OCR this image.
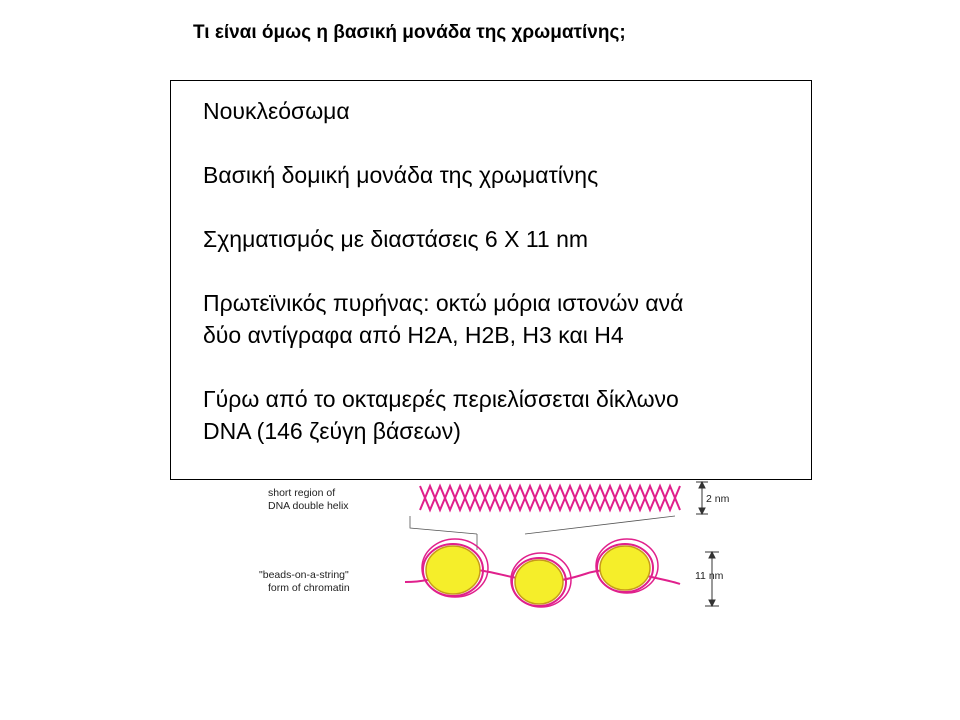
Τι είναι όμως η βασική μονάδα της χρωματίνης;

Νουκλεόσωμα

Βασική δομική μονάδα της χρωματίνης

Σχηματισμός με διαστάσεις 6 Χ 11 nm

Πρωτεϊνικός πυρήνας: οκτώ μόρια ιστονών ανά

δύο αντίγραφα από Η2Α, Η2Β, Η3 και Η4

Γύρω από το οκταμερές περιελίσσεται δίκλωνο

DNA (146 ζεύγη βάσεων)

short region of
DNA double helix
"beads-on-a-string"
form of chromatin
2 nm
11 nm
